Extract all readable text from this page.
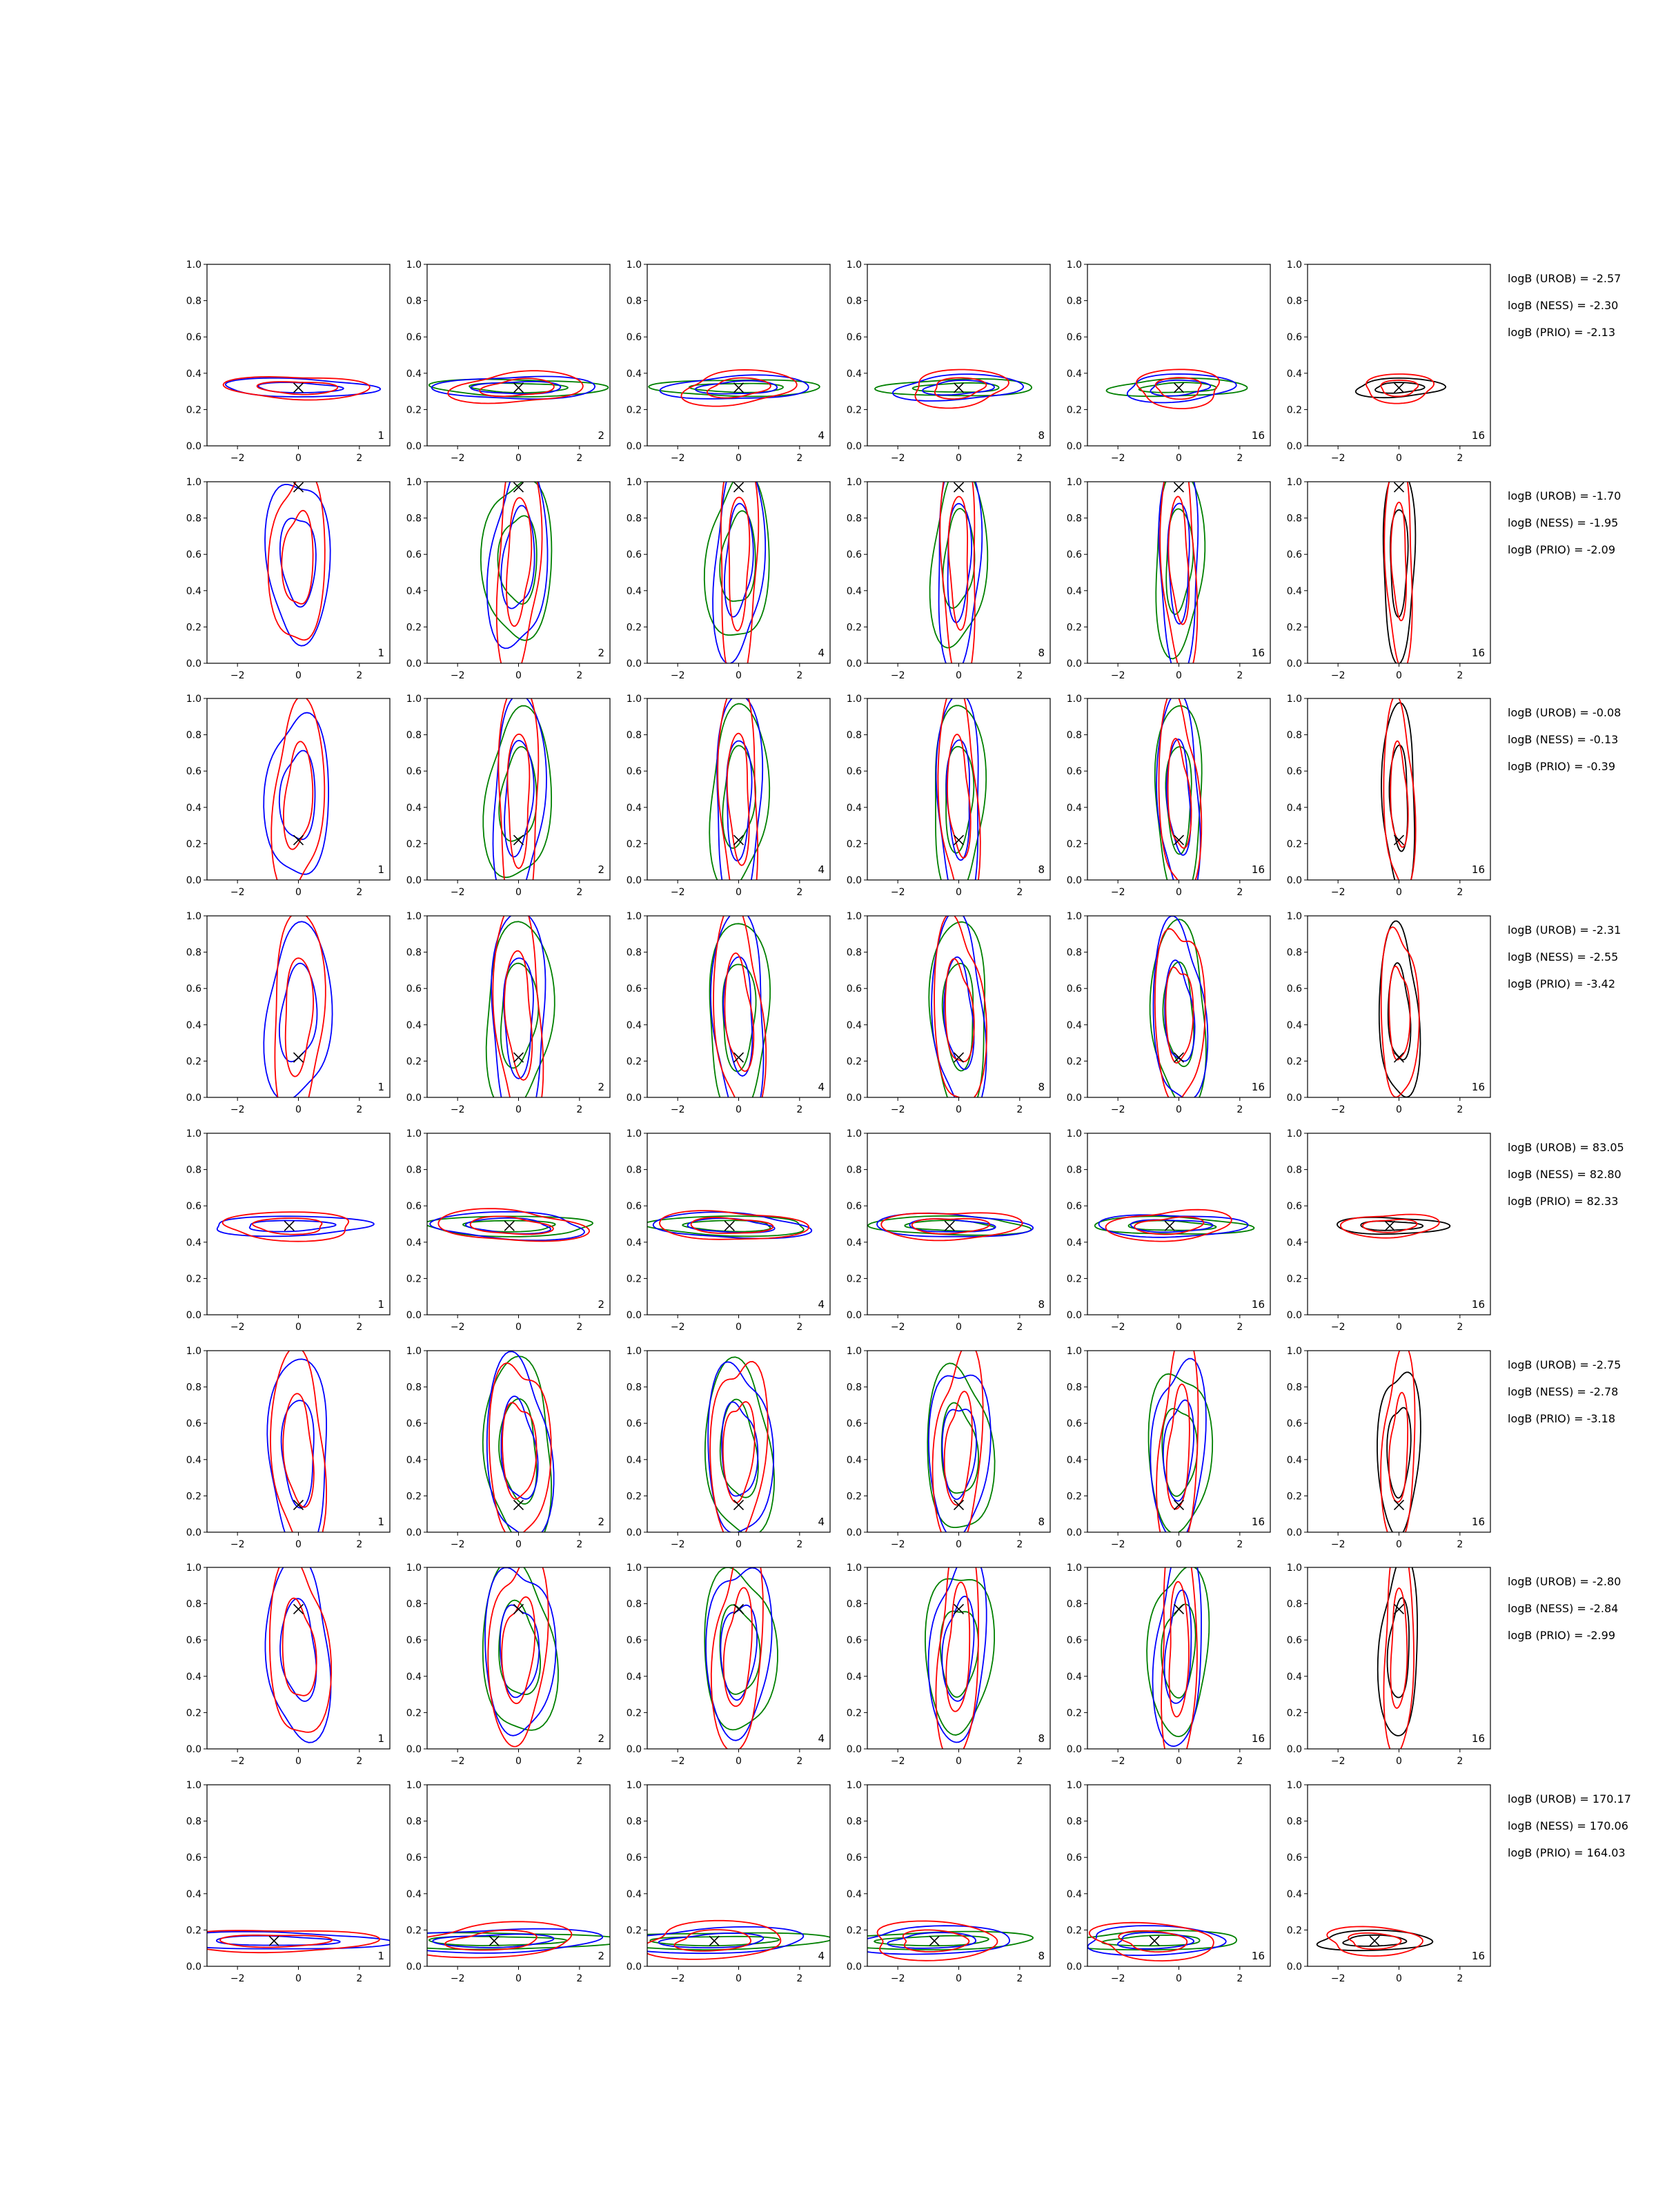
0.0
0.2
0.4
0.6
0.8
1.0
−2	0	2
1
0.0
0.2
0.4
0.6
0.8
1.0
−2	0	2
2
0.0
0.2
0.4
0.6
0.8
1.0
−2	0	2
4
0.0
0.2
0.4
0.6
0.8
1.0
−2	0	2
8
0.0
0.2
0.4
0.6
0.8
1.0
−2	0	2
16
0.0
0.2
0.4
0.6
0.8
1.0
−2	0	2
16
logB (UROB) = -2.57
logB (NESS) = -2.30
logB (PRIO) = -2.13
0.0
0.2
0.4
0.6
0.8
1.0
−2	0	2
1
0.0
0.2
0.4
0.6
0.8
1.0
−2	0	2
2
0.0
0.2
0.4
0.6
0.8
1.0
−2	0	2
4
0.0
0.2
0.4
0.6
0.8
1.0
−2	0	2
8
0.0
0.2
0.4
0.6
0.8
1.0
−2	0	2
16
0.0
0.2
0.4
0.6
0.8
1.0
−2	0	2
16
logB (UROB) = -1.70
logB (NESS) = -1.95
logB (PRIO) = -2.09
0.0
0.2
0.4
0.6
0.8
1.0
−2	0	2
1
0.0
0.2
0.4
0.6
0.8
1.0
−2	0	2
2
0.0
0.2
0.4
0.6
0.8
1.0
−2	0	2
4
0.0
0.2
0.4
0.6
0.8
1.0
−2	0	2
8
0.0
0.2
0.4
0.6
0.8
1.0
−2	0	2
16
0.0
0.2
0.4
0.6
0.8
1.0
−2	0	2
16
logB (UROB) = -0.08
logB (NESS) = -0.13
logB (PRIO) = -0.39
0.0
0.2
0.4
0.6
0.8
1.0
−2	0	2
1
0.0
0.2
0.4
0.6
0.8
1.0
−2	0	2
2
0.0
0.2
0.4
0.6
0.8
1.0
−2	0	2
4
0.0
0.2
0.4
0.6
0.8
1.0
−2	0	2
8
0.0
0.2
0.4
0.6
0.8
1.0
−2	0	2
16
0.0
0.2
0.4
0.6
0.8
1.0
−2	0	2
16
logB (UROB) = -2.31
logB (NESS) = -2.55
logB (PRIO) = -3.42
0.0
0.2
0.4
0.6
0.8
1.0
−2	0	2
1
0.0
0.2
0.4
0.6
0.8
1.0
−2	0	2
2
0.0
0.2
0.4
0.6
0.8
1.0
−2	0	2
4
0.0
0.2
0.4
0.6
0.8
1.0
−2	0	2
8
0.0
0.2
0.4
0.6
0.8
1.0
−2	0	2
16
0.0
0.2
0.4
0.6
0.8
1.0
−2	0	2
16
logB (UROB) = 83.05
logB (NESS) = 82.80
logB (PRIO) = 82.33
0.0
0.2
0.4
0.6
0.8
1.0
−2	0	2
1
0.0
0.2
0.4
0.6
0.8
1.0
−2	0	2
2
0.0
0.2
0.4
0.6
0.8
1.0
−2	0	2
4
0.0
0.2
0.4
0.6
0.8
1.0
−2	0	2
8
0.0
0.2
0.4
0.6
0.8
1.0
−2	0	2
16
0.0
0.2
0.4
0.6
0.8
1.0
−2	0	2
16
logB (UROB) = -2.75
logB (NESS) = -2.78
logB (PRIO) = -3.18
0.0
0.2
0.4
0.6
0.8
1.0
−2	0	2
1
0.0
0.2
0.4
0.6
0.8
1.0
−2	0	2
2
0.0
0.2
0.4
0.6
0.8
1.0
−2	0	2
4
0.0
0.2
0.4
0.6
0.8
1.0
−2	0	2
8
0.0
0.2
0.4
0.6
0.8
1.0
−2	0	2
16
0.0
0.2
0.4
0.6
0.8
1.0
−2	0	2
16
logB (UROB) = -2.80
logB (NESS) = -2.84
logB (PRIO) = -2.99
0.0
0.2
0.4
0.6
0.8
1.0
−2	0	2
1
0.0
0.2
0.4
0.6
0.8
1.0
−2	0	2
2
0.0
0.2
0.4
0.6
0.8
1.0
−2	0	2
4
0.0
0.2
0.4
0.6
0.8
1.0
−2	0	2
8
0.0
0.2
0.4
0.6
0.8
1.0
−2	0	2
16
0.0
0.2
0.4
0.6
0.8
1.0
−2	0	2
16
logB (UROB) = 170.17
logB (NESS) = 170.06
logB (PRIO) = 164.03
